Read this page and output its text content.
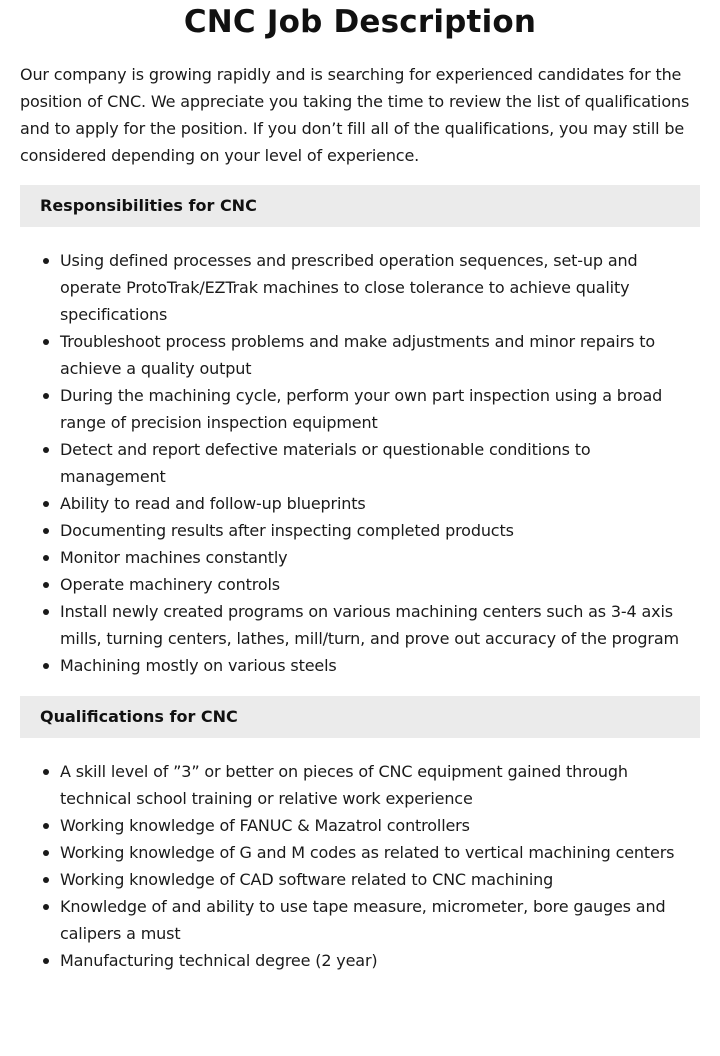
CNC Job Description

Our company is growing rapidly and is searching for experienced candidates for the position of CNC. We appreciate you taking the time to review the list of qualifications and to apply for the position. If you don’t fill all of the qualifications, you may still be considered depending on your level of experience.

Responsibilities for CNC
Using defined processes and prescribed operation sequences, set-up and operate ProtoTrak/EZTrak machines to close tolerance to achieve quality specifications
Troubleshoot process problems and make adjustments and minor repairs to achieve a quality output
During the machining cycle, perform your own part inspection using a broad range of precision inspection equipment
Detect and report defective materials or questionable conditions to management
Ability to read and follow-up blueprints
Documenting results after inspecting completed products
Monitor machines constantly
Operate machinery controls
Install newly created programs on various machining centers such as 3-4 axis mills, turning centers, lathes, mill/turn, and prove out accuracy of the program
Machining mostly on various steels
Qualifications for CNC
A skill level of ”3” or better on pieces of CNC equipment gained through technical school training or relative work experience
Working knowledge of FANUC & Mazatrol controllers
Working knowledge of G and M codes as related to vertical machining centers
Working knowledge of CAD software related to CNC machining
Knowledge of and ability to use tape measure, micrometer, bore gauges and calipers a must
Manufacturing technical degree (2 year)
